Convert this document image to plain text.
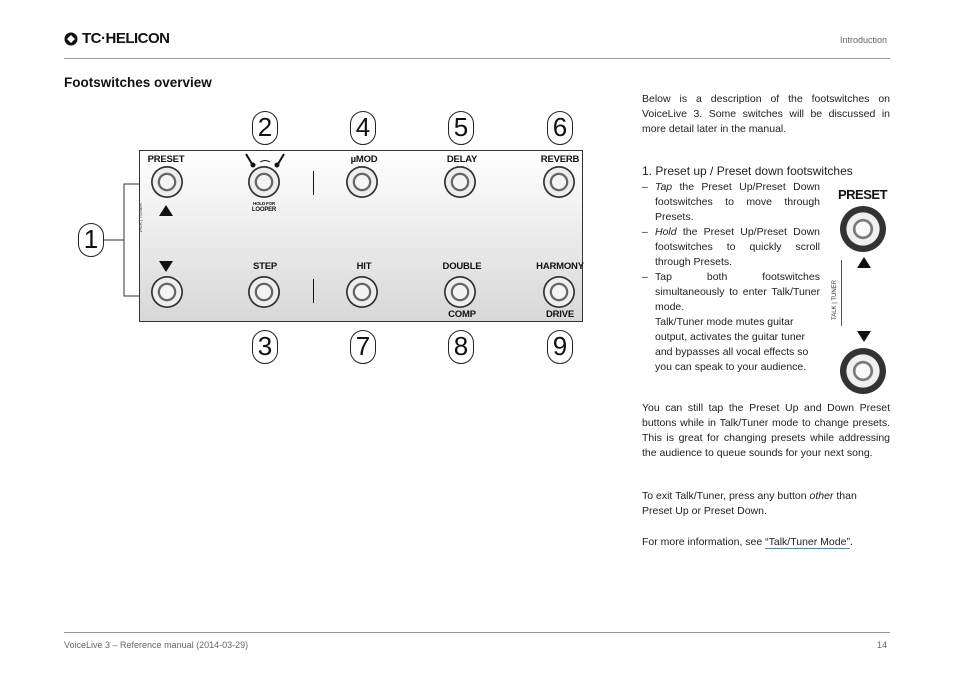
TC·HELICON	Introduction
Footswitches overview
2	4	5	6
1
3	7	8	9
PRESET	µMOD	DELAY	REVERB
HOLD FOR
LOOPER
TALK | TUNER
STEP	HIT	DOUBLE	HARMONY
COMP	DRIVE
Below is a description of the footswitches on VoiceLive 3. Some switches will be discussed in more detail later in the manual.
1. Preset up / Preset down footswitches
– Tap the Preset Up/Preset Down footswitches to move through Presets.
– Hold the Preset Up/Preset Down footswitches to quickly scroll through Presets.
– Tap both footswitches simultaneously to enter Talk/Tuner mode.
Talk/Tuner mode mutes guitar output, activates the guitar tuner and bypasses all vocal effects so you can speak to your audience.
PRESET
TALK | TUNER
You can still tap the Preset Up and Down Preset buttons while in Talk/Tuner mode to change presets. This is great for changing presets while addressing the audience to queue sounds for your next song.
To exit Talk/Tuner, press any button other than Preset Up or Preset Down.
For more information, see “Talk/Tuner Mode”.
VoiceLive 3 – Reference manual (2014-03-29)	14
